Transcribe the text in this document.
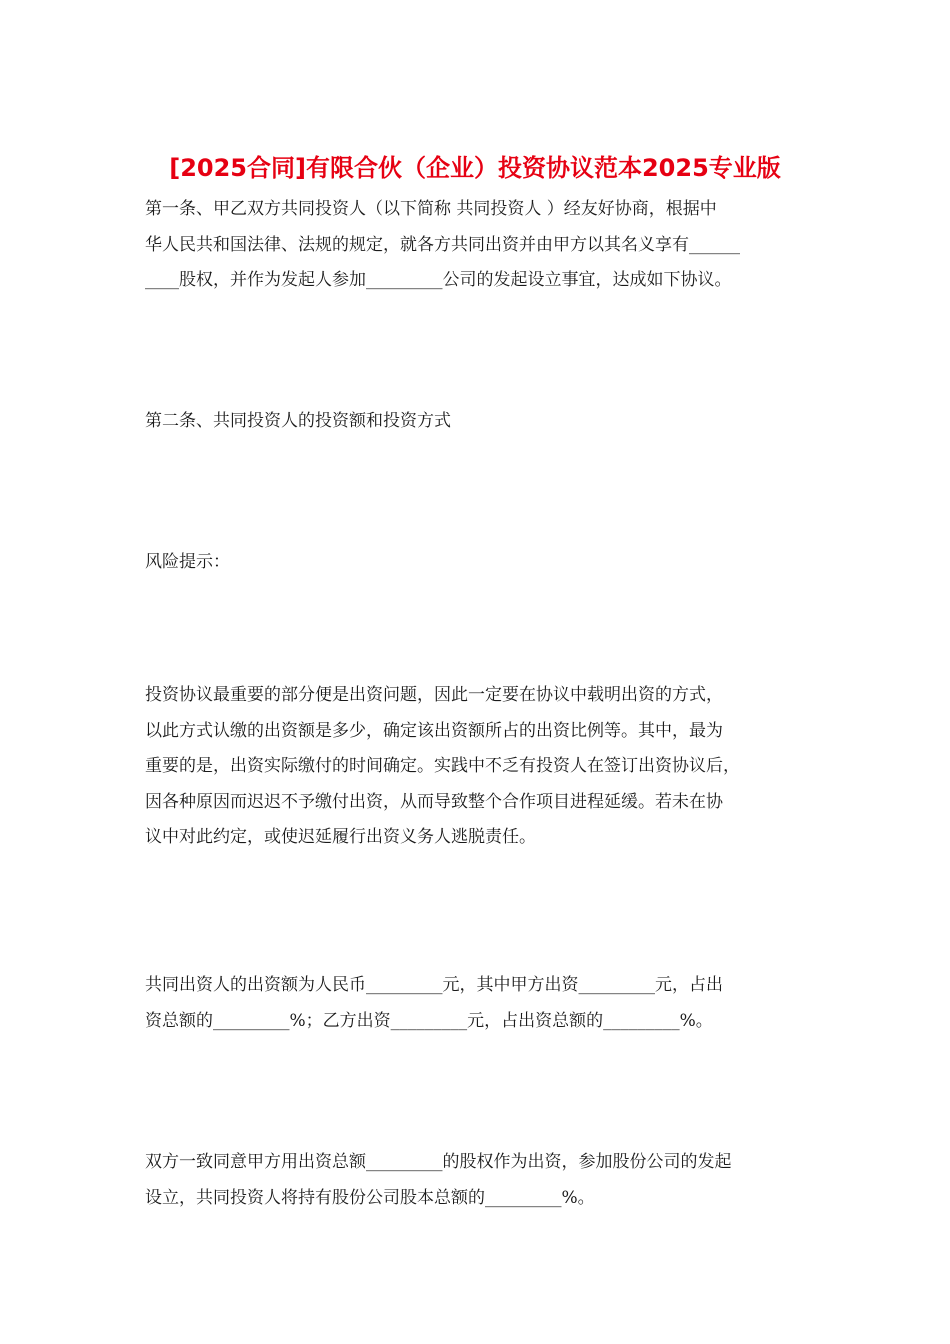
[2025合同]有限合伙（企业）投资协议范本2025专业版

第一条、甲乙双方共同投资人（以下简称 共同投资人 ）经友好协商，根据中

华人民共和国法律、法规的规定，就各方共同出资并由甲方以其名义享有______

____股权，并作为发起人参加_________公司的发起设立事宜，达成如下协议。

第二条、共同投资人的投资额和投资方式

风险提示：

投资协议最重要的部分便是出资问题，因此一定要在协议中载明出资的方式，

以此方式认缴的出资额是多少，确定该出资额所占的出资比例等。其中，最为

重要的是，出资实际缴付的时间确定。实践中不乏有投资人在签订出资协议后，

因各种原因而迟迟不予缴付出资，从而导致整个合作项目进程延缓。若未在协

议中对此约定，或使迟延履行出资义务人逃脱责任。

共同出资人的出资额为人民币_________元，其中甲方出资_________元，占出

资总额的_________%；乙方出资_________元，占出资总额的_________%。

双方一致同意甲方用出资总额_________的股权作为出资，参加股份公司的发起

设立，共同投资人将持有股份公司股本总额的_________%。
